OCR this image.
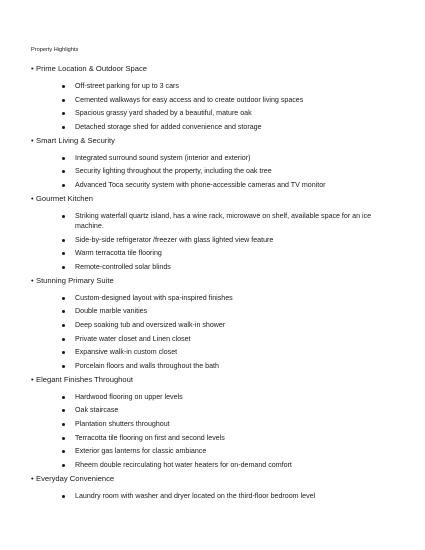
Property Highlights
• Prime Location & Outdoor Space
Off-street parking for up to 3 cars
Cemented walkways for easy access and to create outdoor living spaces
Spacious grassy yard shaded by a beautiful, mature oak
Detached storage shed for added convenience and storage
• Smart Living & Security
Integrated surround sound system (interior and exterior)
Security lighting throughout the property, including the oak tree
Advanced Toca security system with phone-accessible cameras and TV monitor
• Gourmet Kitchen
Striking waterfall quartz island, has a wine rack, microwave on shelf, available space for an ice machine.
Side-by-side refrigerator /freezer with glass lighted view feature
Warm terracotta tile flooring
Remote-controlled solar blinds
• Stunning Primary Suite
Custom-designed layout with spa-inspired finishes
Double marble vanities
Deep soaking tub and oversized walk-in shower
Private water closet and Linen closet
Expansive walk-in custom closet
Porcelain floors and walls throughout the bath
• Elegant Finishes Throughout
Hardwood flooring on upper levels
Oak staircase
Plantation shutters throughout
Terracotta tile flooring on first and second levels
Exterior gas lanterns for classic ambiance
Rheem double recirculating hot water heaters for on-demand comfort
• Everyday Convenience
Laundry room with washer and dryer located on the third-floor bedroom level
